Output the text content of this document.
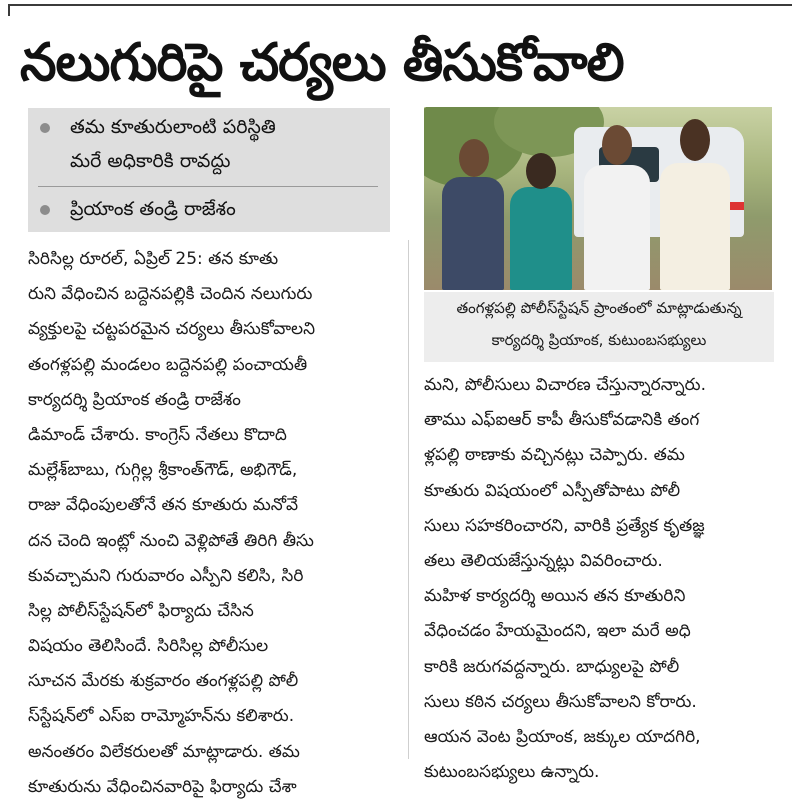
నలుగురిపై చర్యలు తీసుకోవాలి
తమ కూతురులాంటి పరిస్థితి
మరే అధికారికి రావద్దు
ప్రియాంక తండ్రి రాజేశం
సిరిసిల్ల రూరల్, ఏప్రిల్ 25: తన కూతు
రుని వేధించిన బద్దెనపల్లికి చెందిన నలుగురు
వ్యక్తులపై చట్టపరమైన చర్యలు తీసుకోవాలని
తంగళ్లపల్లి మండలం బద్దెనపల్లి పంచాయతీ
కార్యదర్శి ప్రియాంక తండ్రి రాజేశం
డిమాండ్ చేశారు. కాంగ్రెస్ నేతలు కొదాది
మల్లేశ్‌బాబు, గుగ్గిల్ల శ్రీకాంత్‌గౌడ్, అభిగౌడ్,
రాజు వేధింపులతోనే తన కూతురు మనోవే
దన చెంది ఇంట్లో నుంచి వెళ్లిపోతే తిరిగి తీసు
కువచ్చామని గురువారం ఎస్పీని కలిసి, సిరి
సిల్ల పోలీస్‌స్టేషన్‌లో ఫిర్యాదు చేసిన
విషయం తెలిసిందే. సిరిసిల్ల పోలీసుల
సూచన మేరకు శుక్రవారం తంగళ్లపల్లి పోలీ
స్‌స్టేషన్‌లో ఎస్ఐ రామ్మోహన్‌ను కలిశారు.
అనంతరం విలేకరులతో మాట్లాడారు. తమ
కూతురును వేధించినవారిపై ఫిర్యాదు చేశా
తంగళ్లపల్లి పోలీస్‌స్టేషన్ ప్రాంతంలో మాట్లాడుతున్న
కార్యదర్శి ప్రియాంక, కుటుంబసభ్యులు
మని, పోలీసులు విచారణ చేస్తున్నారన్నారు.
తాము ఎఫ్ఐఆర్ కాపీ తీసుకోవడానికి తంగ
ళ్లపల్లి ఠాణాకు వచ్చినట్లు చెప్పారు. తమ
కూతురు విషయంలో ఎస్పీతోపాటు పోలీ
సులు సహకరించారని, వారికి ప్రత్యేక కృతజ్ఞ
తలు తెలియజేస్తున్నట్లు వివరించారు.
మహిళ కార్యదర్శి అయిన తన కూతురిని
వేధించడం హేయమైందని, ఇలా మరే అధి
కారికి జరుగవద్దన్నారు. బాధ్యులపై పోలీ
సులు కఠిన చర్యలు తీసుకోవాలని కోరారు.
ఆయన వెంట ప్రియాంక, జక్కుల యాదగిరి,
కుటుంబసభ్యులు ఉన్నారు.
